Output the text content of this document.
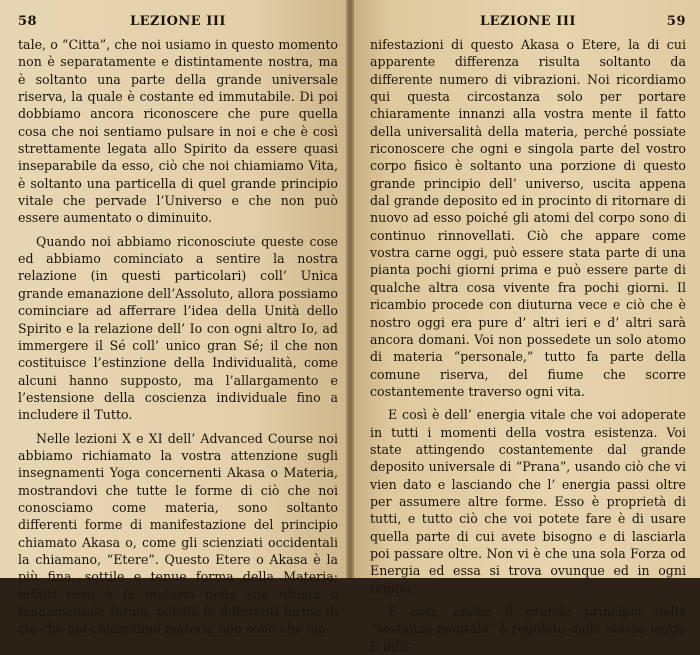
58	LEZIONE III

tale, o “Citta”, che noi usiamo in questo momento non è separatamente e distintamente nostra, ma è soltanto una parte della grande universale riserva, la quale è costante ed immutabile. Di poi dobbiamo ancora riconoscere che pure quella cosa che noi sentiamo pulsare in noi e che è così strettamente legata allo Spirito da essere quasi inseparabile da esso, ciò che noi chiamiamo Vita, è soltanto una particella di quel grande principio vitale che pervade l’Universo e che non può essere aumentato o diminuito.

Quando noi abbiamo riconosciute queste cose ed abbiamo cominciato a sentire la nostra relazione (in questi particolari) coll’ Unica grande emanazione dell’Assoluto, allora possiamo cominciare ad afferrare l’idea della Unità dello Spirito e la relazione dell’ Io con ogni altro Io, ad immergere il Sé coll’ unico gran Sé; il che non costituisce l’estinzione della Individualità, come alcuni hanno supposto, ma l’allargamento e l’estensione della coscienza individuale fino a includere il Tutto.

Nelle lezioni X e XI dell’ Advanced Course noi abbiamo richiamato la vostra attenzione sugli insegnamenti Yoga concernenti Akasa o Materia, mostrandovi che tutte le forme di ciò che noi conosciamo come materia, sono soltanto differenti forme di manifestazione del principio chiamato Akasa o, come gli scienziati occidentali la chiamano, “Etere”. Questo Etere o Akasa è la più fina, sottile e tenue forma della Materia; infatti esso è la materia nella sua ultima o fondamentale forma, poiché le differenti forme di ciò che noi chiamiamo materia non sono che ma-

LEZIONE III	59

nifestazioni di questo Akasa o Etere, la di cui apparente differenza risulta soltanto da differente numero di vibrazioni. Noi ricordiamo qui questa circostanza solo per portare chiaramente innanzi alla vostra mente il fatto della universalità della materia, perché possiate riconoscere che ogni e singola parte del vostro corpo fisico è soltanto una porzione di questo grande principio dell’ universo, uscita appena dal grande deposito ed in procinto di ritornare di nuovo ad esso poiché gli atomi del corpo sono di continuo rinnovellati. Ciò che appare come vostra carne oggi, può essere stata parte di una pianta pochi giorni prima e può essere parte di qualche altra cosa vivente fra pochi giorni. Il ricambio procede con diuturna vece e ciò che è nostro oggi era pure d’ altri ieri e d’ altri sarà ancora domani. Voi non possedete un solo atomo di materia “personale,” tutto fa parte della comune riserva, del fiume che scorre costantemente traverso ogni vita.

E così è dell’ energia vitale che voi adoperate in tutti i momenti della vostra esistenza. Voi state attingendo costantemente dal grande deposito universale di “Prana”, usando ciò che vi vien dato e lasciando che l’ energia passi oltre per assumere altre forme. Esso è proprietà di tutti, e tutto ciò che voi potete fare è di usare quella parte di cui avete bisogno e di lasciarla poi passare oltre. Non vi è che una sola Forza od Energia ed essa si trova ovunque ed in ogni tempo.

E così, anche il grande principio della “sostanza mentale” è regolato dalle stesse leggi. È diffi-
